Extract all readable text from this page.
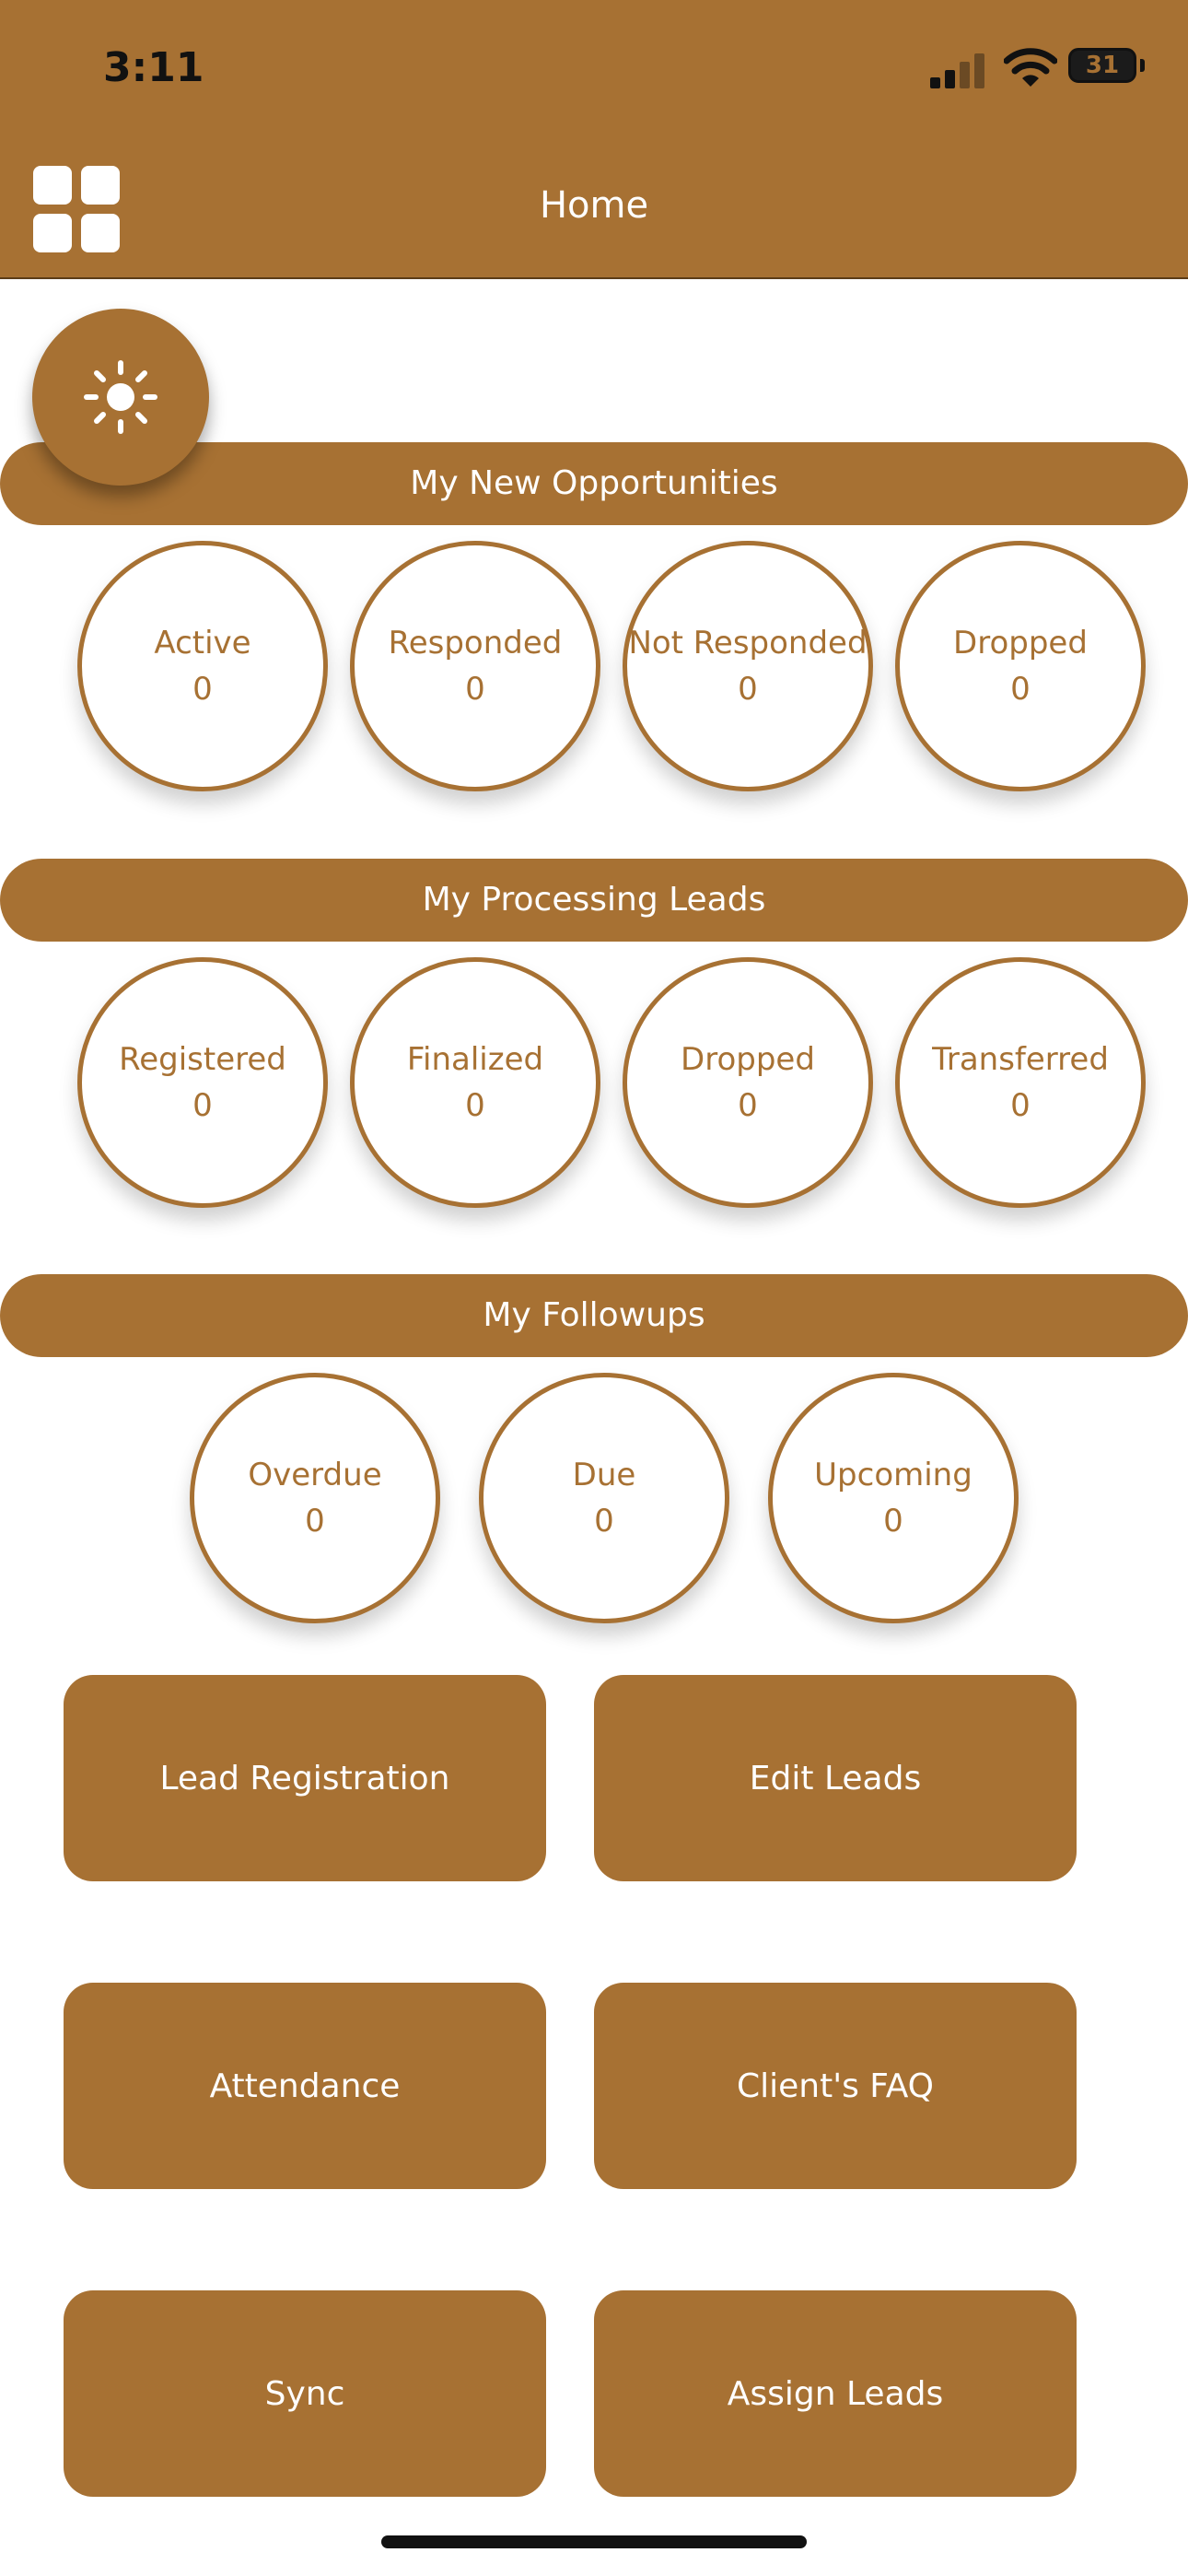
3:11	31
Home
My New Opportunities
Active
0
Responded
0
Not Responded
0
Dropped
0
My Processing Leads
Registered
0
Finalized
0
Dropped
0
Transferred
0
My Followups
Overdue
0
Due
0
Upcoming
0
Lead Registration	Edit Leads
Attendance	Client's FAQ
Sync	Assign Leads
